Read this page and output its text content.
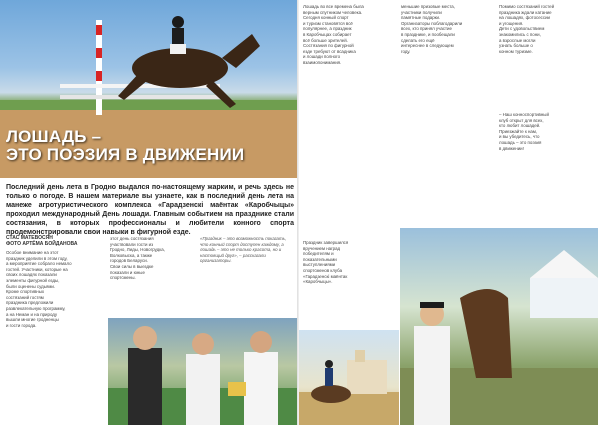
ЛОШАДЬ –
ЭТО ПОЭЗИЯ В ДВИЖЕНИИ

Последний день лета в Гродно выдался по-настоящему жарким, и речь здесь не только о погоде. В нашем материале вы узнаете, как в последний день лета на манеже агротуристического комплекса «Гарадзенскі маёнтак «Каробчыцы» проходил международный День лошади. Главным событием на празднике стали состязания, в которых профессионалы и любители конного спорта продемонстрировали свои навыки в фигурной езде.

СТАС МАТЕВОСЯН
ФОТО АРТЁМА БОЙДАНОВА

Особое внимание на этот
праздник уделили в этом году,
а мероприятие собрало немало
гостей. Участники, которые на
своих лошадях показали
элементы фигурной езды,
были оценены судьями.
Кроме спортивных
состязаний гостям
праздника предложили
развлекательную программу,
а на Неман и на природу
вышли многие гродненцы
и гости города.

этот день состязания
участвовали гости из
Гродно, Лиды, Новогрудка,
Волковыска, а также
городов Беларуси.
Свои силы в выездке
показали и юные
спортсмены.

«Праздник – это возможность показать, что конный спорт доступен каждому, а лошадь – это не только красота, но и настоящий друг», – рассказали организаторы.

Лошадь во все времена была
верным спутником человека.
Сегодня конный спорт
и туризм становятся всё
популярнее, а праздник
в Каробчыцах собирает
всё больше зрителей.
Состязания по фигурной
езде требуют от всадника
и лошади полного
взаимопонимания.

меньшие призовые места,
участники получили
памятные подарки.
Организаторы поблагодарили
всех, кто принял участие
в празднике, и пообещали
сделать его ещё
интереснее в следующем
году.

Помимо состязаний гостей
праздника ждали катание
на лошадях, фотосессии
и угощения.
Дети с удовольствием
знакомились с пони,
а взрослые могли
узнать больше о
конном туризме.

– Наш конноспортивный
клуб открыт для всех,
кто любит лошадей.
Приезжайте к нам,
и вы убедитесь, что
лошадь – это поэзия
в движении!

Праздник завершился
вручением наград
победителям и
показательными
выступлениями
спортсменов клуба
«Гарадзенскі маёнтак
«Каробчыцы».
